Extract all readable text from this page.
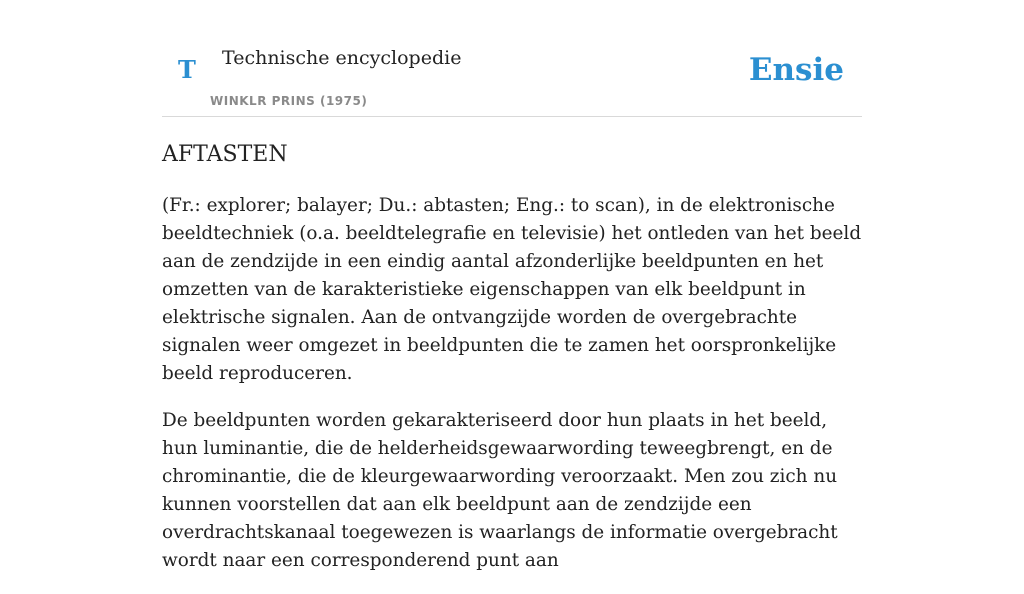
T Technische encyclopedie
WINKLR PRINS (1975)
Ensie
AFTASTEN

(Fr.: explorer; balayer; Du.: abtasten; Eng.: to scan), in de elektronische beeldtechniek (o.a. beeldtelegrafie en televisie) het ontleden van het beeld aan de zendzijde in een eindig aantal afzonderlijke beeldpunten en het omzetten van de karakteristieke eigenschappen van elk beeldpunt in elektrische signalen. Aan de ontvangzijde worden de overgebrachte signalen weer omgezet in beeldpunten die te zamen het oorspronkelijke beeld reproduceren.

De beeldpunten worden gekarakteriseerd door hun plaats in het beeld, hun luminantie, die de helderheidsgewaarwording teweegbrengt, en de chrominantie, die de kleurgewaarwording veroorzaakt. Men zou zich nu kunnen voorstellen dat aan elk beeldpunt aan de zendzijde een overdrachtskanaal toegewezen is waarlangs de informatie overgebracht wordt naar een corresponderend punt aan
